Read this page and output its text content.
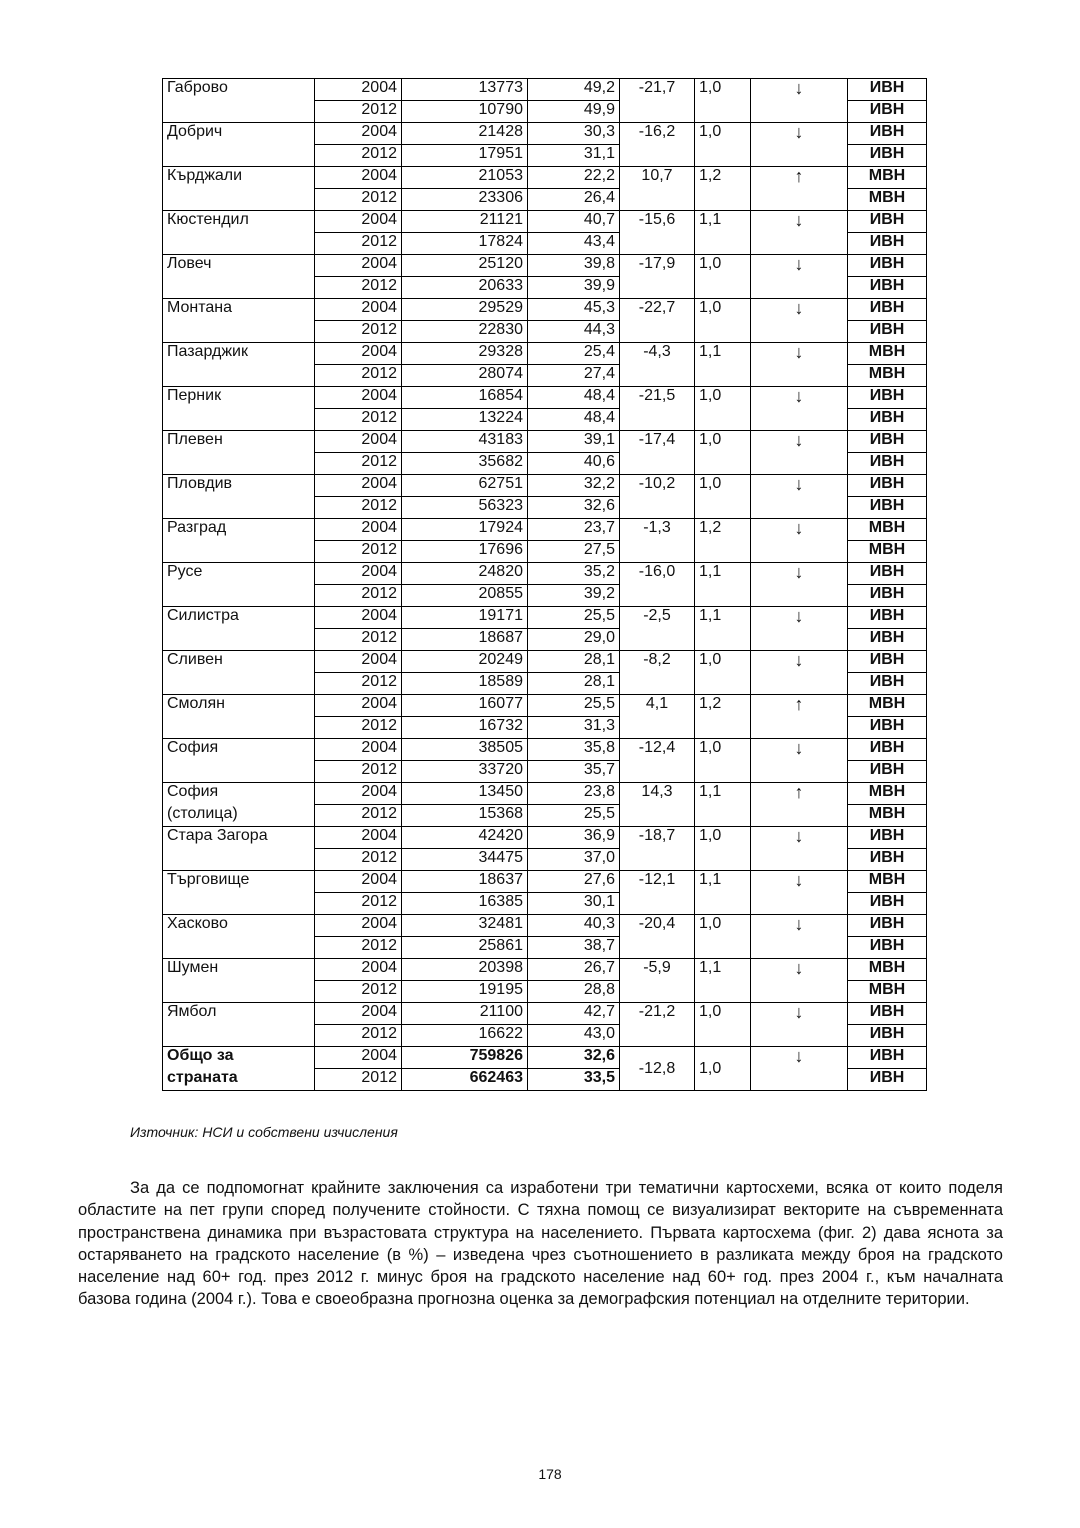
Габрово	2004	13773	49,2	-21,7	1,0	↓	ИВН
	2012	10790	49,9				ИВН
Добрич	2004	21428	30,3	-16,2	1,0	↓	ИВН
	2012	17951	31,1				ИВН
Кърджали	2004	21053	22,2	10,7	1,2	↑	МВН
	2012	23306	26,4				МВН
Кюстендил	2004	21121	40,7	-15,6	1,1	↓	ИВН
	2012	17824	43,4				ИВН
Ловеч	2004	25120	39,8	-17,9	1,0	↓	ИВН
	2012	20633	39,9				ИВН
Монтана	2004	29529	45,3	-22,7	1,0	↓	ИВН
	2012	22830	44,3				ИВН
Пазарджик	2004	29328	25,4	-4,3	1,1	↓	МВН
	2012	28074	27,4				МВН
Перник	2004	16854	48,4	-21,5	1,0	↓	ИВН
	2012	13224	48,4				ИВН
Плевен	2004	43183	39,1	-17,4	1,0	↓	ИВН
	2012	35682	40,6				ИВН
Пловдив	2004	62751	32,2	-10,2	1,0	↓	ИВН
	2012	56323	32,6				ИВН
Разград	2004	17924	23,7	-1,3	1,2	↓	МВН
	2012	17696	27,5				МВН
Русе	2004	24820	35,2	-16,0	1,1	↓	ИВН
	2012	20855	39,2				ИВН
Силистра	2004	19171	25,5	-2,5	1,1	↓	ИВН
	2012	18687	29,0				ИВН
Сливен	2004	20249	28,1	-8,2	1,0	↓	ИВН
	2012	18589	28,1				ИВН
Смолян	2004	16077	25,5	4,1	1,2	↑	МВН
	2012	16732	31,3				ИВН
София	2004	38505	35,8	-12,4	1,0	↓	ИВН
	2012	33720	35,7				ИВН
София	2004	13450	23,8	14,3	1,1	↑	МВН
(столица)	2012	15368	25,5				МВН
Стара Загора	2004	42420	36,9	-18,7	1,0	↓	ИВН
	2012	34475	37,0				ИВН
Търговище	2004	18637	27,6	-12,1	1,1	↓	МВН
	2012	16385	30,1				ИВН
Хасково	2004	32481	40,3	-20,4	1,0	↓	ИВН
	2012	25861	38,7				ИВН
Шумен	2004	20398	26,7	-5,9	1,1	↓	МВН
	2012	19195	28,8				МВН
Ямбол	2004	21100	42,7	-21,2	1,0	↓	ИВН
	2012	16622	43,0				ИВН
Общо за	2004	759826	32,6	-12,8	1,0	↓	ИВН
страната	2012	662463	33,5				ИВН
Източник: НСИ и собствени изчисления
За да се подпомогнат крайните заключения са изработени три тематични картосхеми, всяка от които поделя областите на пет групи според получените стойности. С тяхна помощ се визуализират векторите на съвременната пространствена динамика при възрастовата структура на населението. Първата картосхема (фиг. 2) дава яснота за остаряването на градското население (в %) – изведена чрез съотношението в разликата между броя на градското население над 60+ год. през 2012 г. минус броя на градското население над 60+ год. през 2004 г., към началната базова година (2004 г.). Това е своеобразна прогнозна оценка за демографския потенциал на отделните територии.
178
